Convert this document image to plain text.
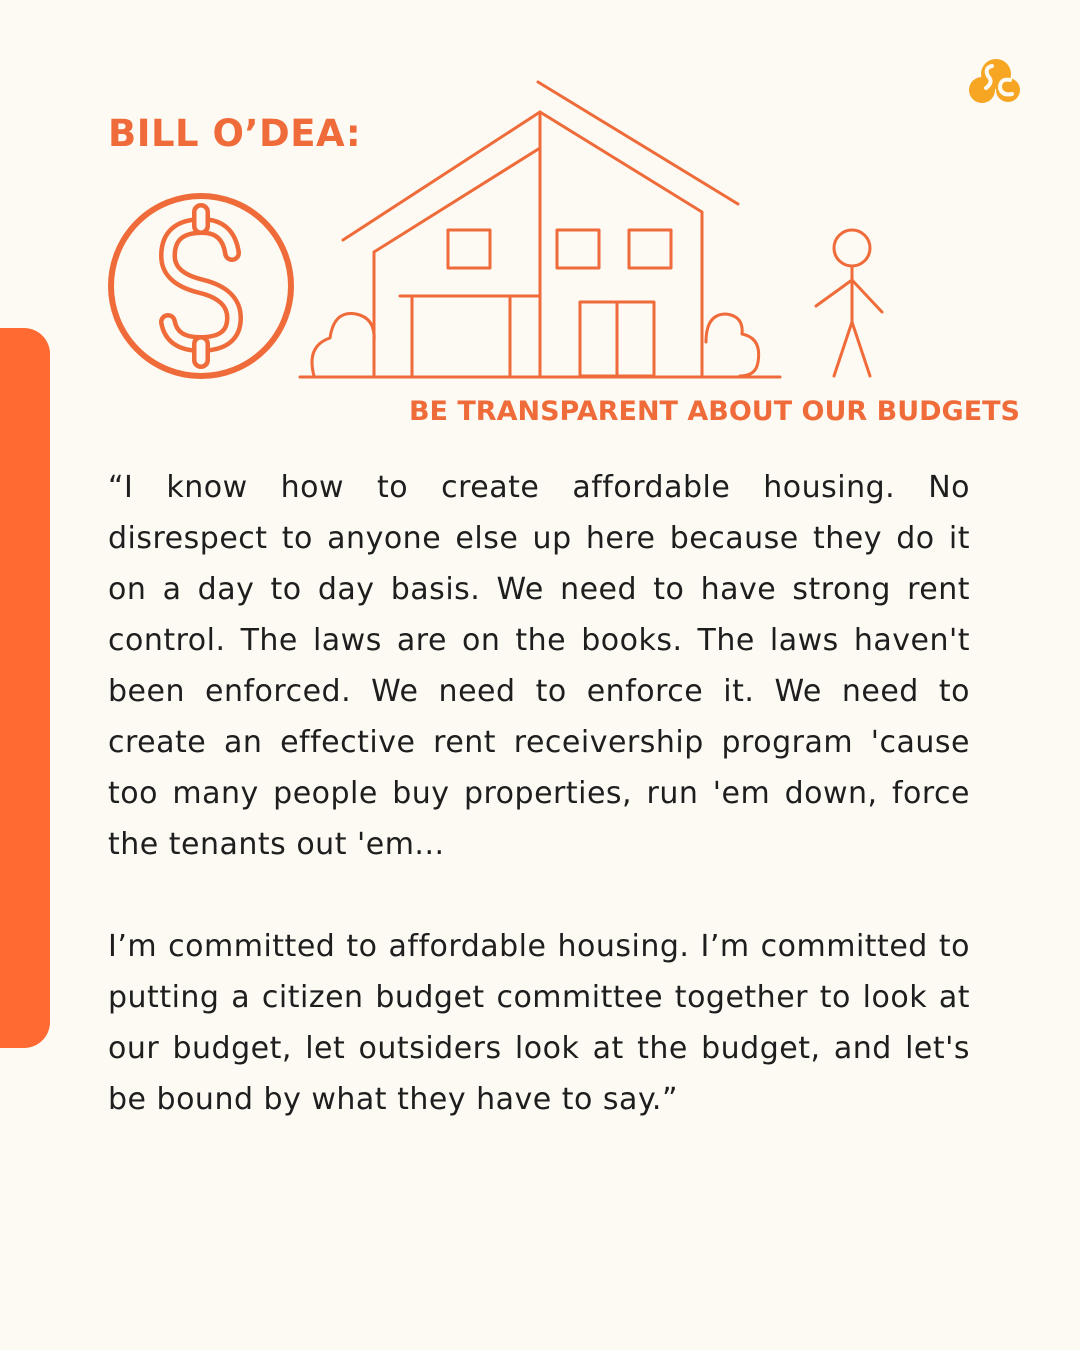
BILL O’DEA:
BE TRANSPARENT ABOUT OUR BUDGETS

“I know how to create affordable housing. No disrespect to anyone else up here because they do it on a day to day basis. We need to have strong rent control. The laws are on the books. The laws haven't been enforced. We need to enforce it. We need to create an effective rent receivership program 'cause too many people buy properties, run 'em down, force the tenants out 'em...

I’m committed to affordable housing. I’m committed to putting a citizen budget committee together to look at our budget, let outsiders look at the budget, and let's be bound by what they have to say.”
